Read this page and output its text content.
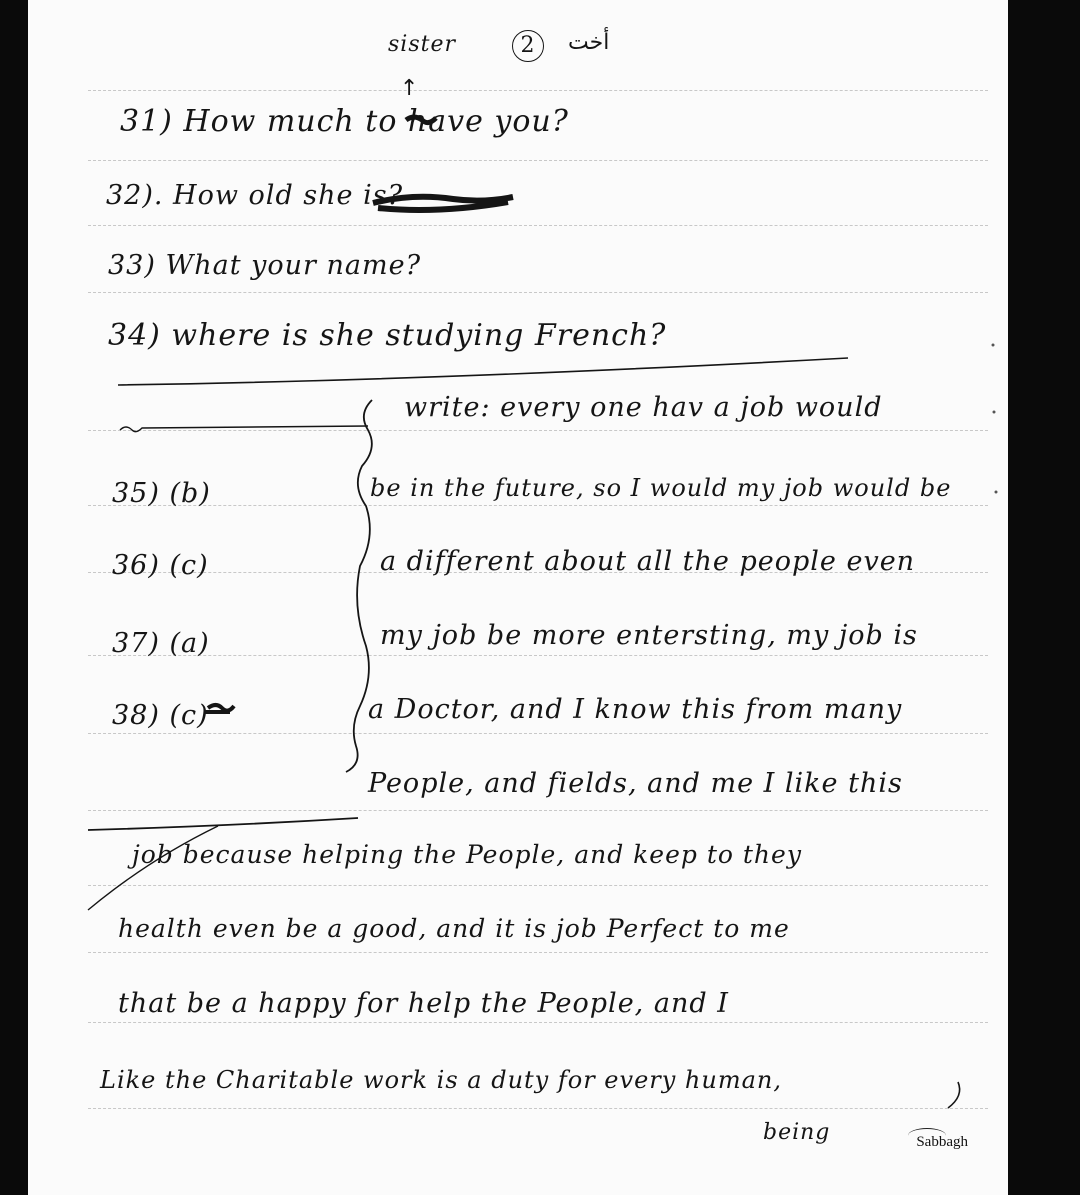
sister	2	أخت
↑
31) How much to have you?
32). How old she is?
33) What your name?
34) where is she studying French?
35) (b)
36) (c)
37) (a)
38) (c)
write: every one hav a job would
be in the future, so I would my job would be
a different about all the people even
my job be more entersting, my job is
a Doctor, and I know this from many
People, and fields, and me I like this
job because helping the People, and keep to they
health even be a good, and it is job Perfect to me
that be a happy for help the People, and I
Like the Charitable work is a duty for every human,
being	Sabbagh
